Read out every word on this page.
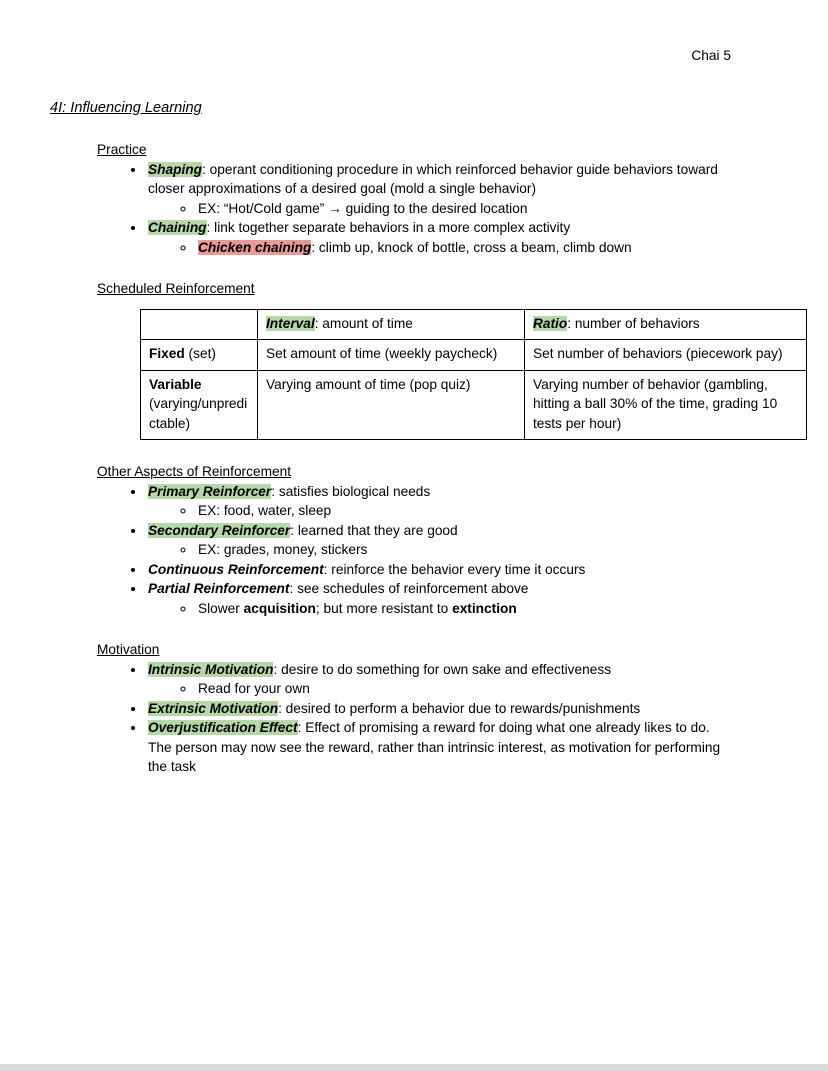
Chai 5
4I: Influencing Learning
Practice
• Shaping: operant conditioning procedure in which reinforced behavior guide behaviors toward closer approximations of a desired goal (mold a single behavior)
◦ EX: “Hot/Cold game” → guiding to the desired location
• Chaining: link together separate behaviors in a more complex activity
◦ Chicken chaining: climb up, knock of bottle, cross a beam, climb down
Scheduled Reinforcement
	Interval: amount of time	Ratio: number of behaviors
Fixed (set)	Set amount of time (weekly paycheck)	Set number of behaviors (piecework pay)
Variable (varying/unpredictable)	Varying amount of time (pop quiz)	Varying number of behavior (gambling, hitting a ball 30% of the time, grading 10 tests per hour)
Other Aspects of Reinforcement
• Primary Reinforcer: satisfies biological needs
◦ EX: food, water, sleep
• Secondary Reinforcer: learned that they are good
◦ EX: grades, money, stickers
• Continuous Reinforcement: reinforce the behavior every time it occurs
• Partial Reinforcement: see schedules of reinforcement above
◦ Slower acquisition; but more resistant to extinction
Motivation
• Intrinsic Motivation: desire to do something for own sake and effectiveness
◦ Read for your own
• Extrinsic Motivation: desired to perform a behavior due to rewards/punishments
• Overjustification Effect: Effect of promising a reward for doing what one already likes to do. The person may now see the reward, rather than intrinsic interest, as motivation for performing the task
